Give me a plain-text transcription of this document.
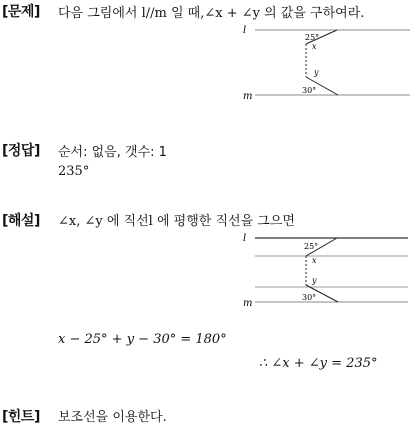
[문제] 다음 그림에서 l//m 일 때,∠x + ∠y 의 값을 구하여라.
l
m
25°
x
y
30°
[정답] 순서: 없음, 갯수: 1
235°
[해설] ∠x, ∠y 에 직선l 에 평행한 직선을 그으면
l
m
25°
x
y
30°
x − 25° + y − 30° = 180°
∴ ∠x + ∠y = 235°
[힌트] 보조선을 이용한다.
